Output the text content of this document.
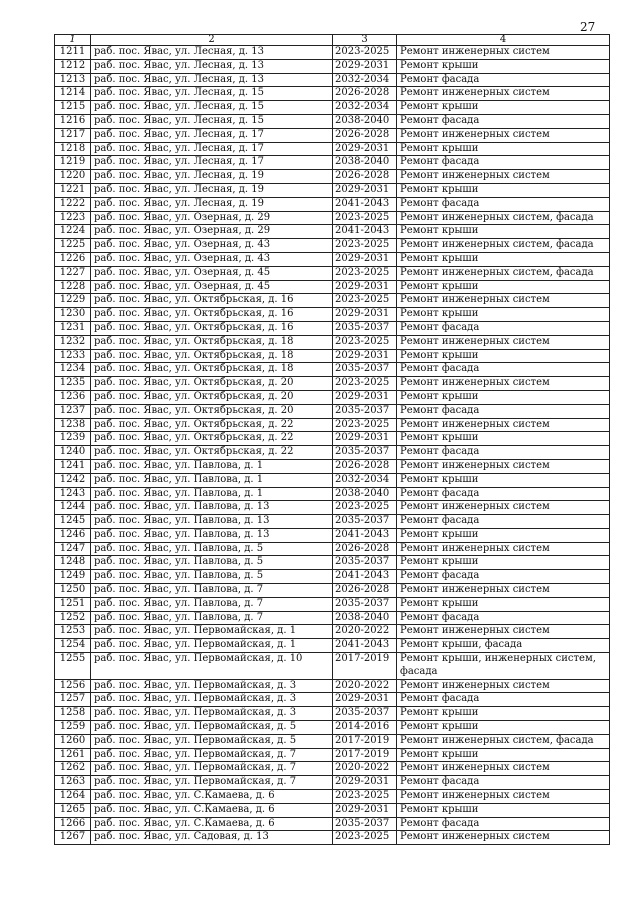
27
1	2	3	4
1211	раб. пос. Явас, ул. Лесная, д. 13	2023-2025	Ремонт инженерных систем
1212	раб. пос. Явас, ул. Лесная, д. 13	2029-2031	Ремонт крыши
1213	раб. пос. Явас, ул. Лесная, д. 13	2032-2034	Ремонт фасада
1214	раб. пос. Явас, ул. Лесная, д. 15	2026-2028	Ремонт инженерных систем
1215	раб. пос. Явас, ул. Лесная, д. 15	2032-2034	Ремонт крыши
1216	раб. пос. Явас, ул. Лесная, д. 15	2038-2040	Ремонт фасада
1217	раб. пос. Явас, ул. Лесная, д. 17	2026-2028	Ремонт инженерных систем
1218	раб. пос. Явас, ул. Лесная, д. 17	2029-2031	Ремонт крыши
1219	раб. пос. Явас, ул. Лесная, д. 17	2038-2040	Ремонт фасада
1220	раб. пос. Явас, ул. Лесная, д. 19	2026-2028	Ремонт инженерных систем
1221	раб. пос. Явас, ул. Лесная, д. 19	2029-2031	Ремонт крыши
1222	раб. пос. Явас, ул. Лесная, д. 19	2041-2043	Ремонт фасада
1223	раб. пос. Явас, ул. Озерная, д. 29	2023-2025	Ремонт инженерных систем, фасада
1224	раб. пос. Явас, ул. Озерная, д. 29	2041-2043	Ремонт крыши
1225	раб. пос. Явас, ул. Озерная, д. 43	2023-2025	Ремонт инженерных систем, фасада
1226	раб. пос. Явас, ул. Озерная, д. 43	2029-2031	Ремонт крыши
1227	раб. пос. Явас, ул. Озерная, д. 45	2023-2025	Ремонт инженерных систем, фасада
1228	раб. пос. Явас, ул. Озерная, д. 45	2029-2031	Ремонт крыши
1229	раб. пос. Явас, ул. Октябрьская, д. 16	2023-2025	Ремонт инженерных систем
1230	раб. пос. Явас, ул. Октябрьская, д. 16	2029-2031	Ремонт крыши
1231	раб. пос. Явас, ул. Октябрьская, д. 16	2035-2037	Ремонт фасада
1232	раб. пос. Явас, ул. Октябрьская, д. 18	2023-2025	Ремонт инженерных систем
1233	раб. пос. Явас, ул. Октябрьская, д. 18	2029-2031	Ремонт крыши
1234	раб. пос. Явас, ул. Октябрьская, д. 18	2035-2037	Ремонт фасада
1235	раб. пос. Явас, ул. Октябрьская, д. 20	2023-2025	Ремонт инженерных систем
1236	раб. пос. Явас, ул. Октябрьская, д. 20	2029-2031	Ремонт крыши
1237	раб. пос. Явас, ул. Октябрьская, д. 20	2035-2037	Ремонт фасада
1238	раб. пос. Явас, ул. Октябрьская, д. 22	2023-2025	Ремонт инженерных систем
1239	раб. пос. Явас, ул. Октябрьская, д. 22	2029-2031	Ремонт крыши
1240	раб. пос. Явас, ул. Октябрьская, д. 22	2035-2037	Ремонт фасада
1241	раб. пос. Явас, ул. Павлова, д. 1	2026-2028	Ремонт инженерных систем
1242	раб. пос. Явас, ул. Павлова, д. 1	2032-2034	Ремонт крыши
1243	раб. пос. Явас, ул. Павлова, д. 1	2038-2040	Ремонт фасада
1244	раб. пос. Явас, ул. Павлова, д. 13	2023-2025	Ремонт инженерных систем
1245	раб. пос. Явас, ул. Павлова, д. 13	2035-2037	Ремонт фасада
1246	раб. пос. Явас, ул. Павлова, д. 13	2041-2043	Ремонт крыши
1247	раб. пос. Явас, ул. Павлова, д. 5	2026-2028	Ремонт инженерных систем
1248	раб. пос. Явас, ул. Павлова, д. 5	2035-2037	Ремонт крыши
1249	раб. пос. Явас, ул. Павлова, д. 5	2041-2043	Ремонт фасада
1250	раб. пос. Явас, ул. Павлова, д. 7	2026-2028	Ремонт инженерных систем
1251	раб. пос. Явас, ул. Павлова, д. 7	2035-2037	Ремонт крыши
1252	раб. пос. Явас, ул. Павлова, д. 7	2038-2040	Ремонт фасада
1253	раб. пос. Явас, ул. Первомайская, д. 1	2020-2022	Ремонт инженерных систем
1254	раб. пос. Явас, ул. Первомайская, д. 1	2041-2043	Ремонт крыши, фасада
1255	раб. пос. Явас, ул. Первомайская, д. 10	2017-2019	Ремонт крыши, инженерных систем, фасада
1256	раб. пос. Явас, ул. Первомайская, д. 3	2020-2022	Ремонт инженерных систем
1257	раб. пос. Явас, ул. Первомайская, д. 3	2029-2031	Ремонт фасада
1258	раб. пос. Явас, ул. Первомайская, д. 3	2035-2037	Ремонт крыши
1259	раб. пос. Явас, ул. Первомайская, д. 5	2014-2016	Ремонт крыши
1260	раб. пос. Явас, ул. Первомайская, д. 5	2017-2019	Ремонт инженерных систем, фасада
1261	раб. пос. Явас, ул. Первомайская, д. 7	2017-2019	Ремонт крыши
1262	раб. пос. Явас, ул. Первомайская, д. 7	2020-2022	Ремонт инженерных систем
1263	раб. пос. Явас, ул. Первомайская, д. 7	2029-2031	Ремонт фасада
1264	раб. пос. Явас, ул. С.Камаева, д. 6	2023-2025	Ремонт инженерных систем
1265	раб. пос. Явас, ул. С.Камаева, д. 6	2029-2031	Ремонт крыши
1266	раб. пос. Явас, ул. С.Камаева, д. 6	2035-2037	Ремонт фасада
1267	раб. пос. Явас, ул. Садовая, д. 13	2023-2025	Ремонт инженерных систем
